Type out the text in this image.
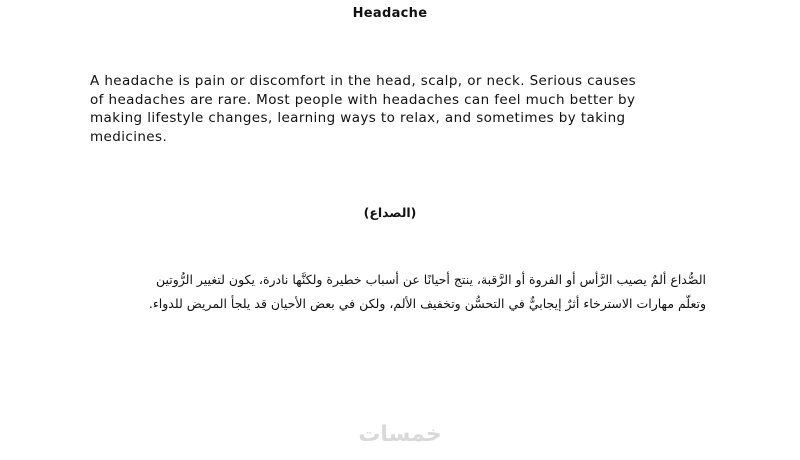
Headache

A headache is pain or discomfort in the head, scalp, or neck. Serious causes of headaches are rare. Most people with headaches can feel much better by making lifestyle changes, learning ways to relax, and sometimes by taking medicines.

(الصداع)

الصُّداع ألمٌ يصيب الرَّأس أو الفروة أو الرَّقبة، ينتج أحيانًا عن أسباب خطيرة ولكنَّها نادرة، يكون لتغيير الرُّوتين وتعلّم مهارات الاسترخاء أثرٌ إيجابيٌّ في التحسُّن وتخفيف الألم، ولكن في بعض الأحيان قد يلجأ المريض للدواء.

خمسات
